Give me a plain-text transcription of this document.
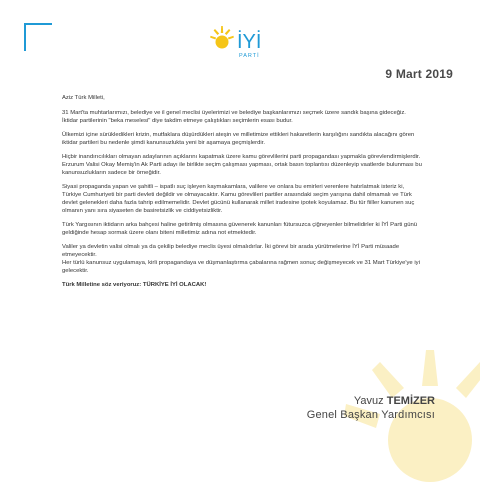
İYİ
PARTİ
9 Mart 2019

Aziz Türk Milleti,

31 Mart'ta muhtarlarımızı, belediye ve il genel meclisi üyelerimizi ve belediye başkanlarımızı seçmek üzere sandık başına gideceğiz. İktidar partilerinin "beka meselesi" diye takdim etmeye çalıştıkları seçimlerin esası budur.

Ülkemizi içine sürükledikleri krizin, mutfaklara düşürdükleri ateşin ve milletimize ettikleri hakaretlerin karşılığını sandıkta alacağını gören iktidar partileri bu nedenle şimdi kanunsuzlukta yeni bir aşamaya geçmişlerdir.

Hiçbir inandırıcılıkları olmayan adaylarının açıklarını kapatmak üzere kamu görevlilerini parti propagandası yapmakla görevlendirmişlerdir. Erzurum Valisi Okay Memiş'in Ak Parti adayı ile birlikte seçim çalışması yapması, ortak basın toplantısı düzenleyip vaatlerde bulunması bu kanunsuzlukların sadece bir örneğidir.

Siyasi propaganda yapan ve şahitli – ispatlı suç işleyen kaymakamlara, valilere ve onlara bu emirleri verenlere hatırlatmak isteriz ki, Türkiye Cumhuriyeti bir parti devleti değildir ve olmayacaktır. Kamu görevlileri partiler arasındaki seçim yarışına dahil olmamalı ve Türk devlet gelenekleri daha fazla tahrip edilmemelidir. Devlet gücünü kullanarak millet iradesine ipotek koyulamaz. Bu tür fiiller kanunen suç olmanın yanı sıra siyaseten de basiretsizlik ve ciddiyetsizliktir.

Türk Yargısının iktidarın arka bahçesi haline getirilmiş olmasına güvenerek kanunları fütursuzca çiğneyenler bilmelidirler ki İYİ Parti günü geldiğinde hesap sormak üzere olanı biteni milletimiz adına not etmektedir.

Valiler ya devletin valisi olmalı ya da çekilip belediye meclis üyesi olmalıdırlar. İki görevi bir arada yürütmelerine İYİ Parti müsaade etmeyecektir.
Her türlü kanunsuz uygulamaya, kirli propagandaya ve düşmanlaştırma çabalarına rağmen sonuç değişmeyecek ve 31 Mart Türkiye'ye iyi gelecektir.

Türk Milletine söz veriyoruz: TÜRKİYE İYİ OLACAK!

Yavuz TEMİZER
Genel Başkan Yardımcısı
